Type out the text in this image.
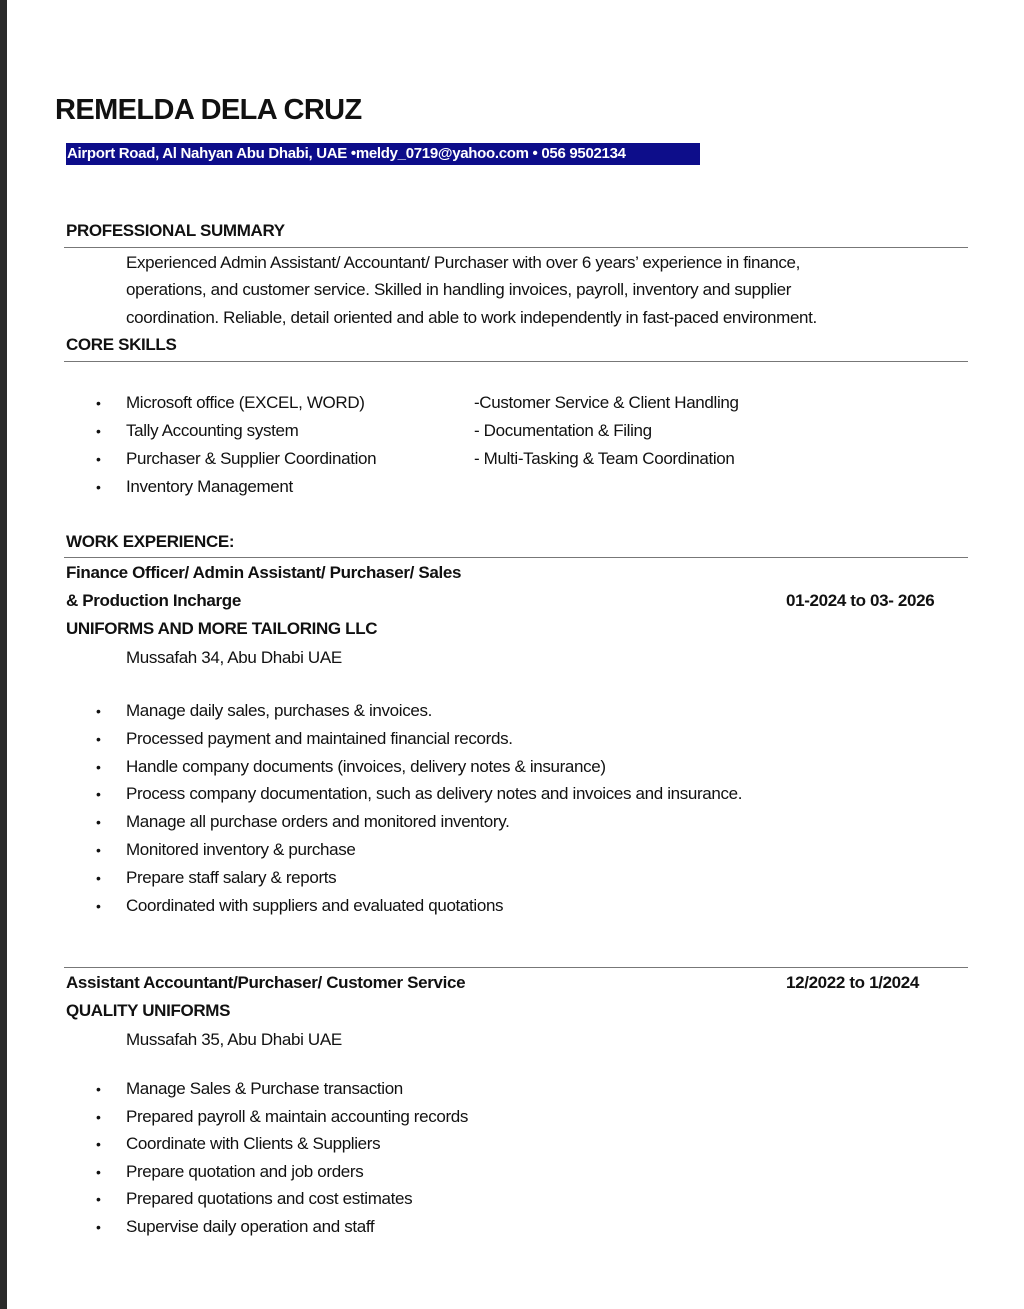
REMELDA DELA CRUZ
Airport Road, Al Nahyan Abu Dhabi, UAE •meldy_0719@yahoo.com • 056 9502134
PROFESSIONAL SUMMARY
Experienced Admin Assistant/ Accountant/ Purchaser with over 6 years’ experience in finance,
operations, and customer service. Skilled in handling invoices, payroll, inventory and supplier
coordination. Reliable, detail oriented and able to work independently in fast-paced environment.
CORE SKILLS
• Microsoft office (EXCEL, WORD)
• Tally Accounting system
• Purchaser & Supplier Coordination
• Inventory Management
-Customer Service & Client Handling
- Documentation & Filing
- Multi-Tasking & Team Coordination
WORK EXPERIENCE:
Finance Officer/ Admin Assistant/ Purchaser/ Sales
& Production Incharge	01-2024 to 03- 2026
UNIFORMS AND MORE TAILORING LLC
Mussafah 34, Abu Dhabi UAE
• Manage daily sales, purchases & invoices.
• Processed payment and maintained financial records.
• Handle company documents (invoices, delivery notes & insurance)
• Process company documentation, such as delivery notes and invoices and insurance.
• Manage all purchase orders and monitored inventory.
• Monitored inventory & purchase
• Prepare staff salary & reports
• Coordinated with suppliers and evaluated quotations
Assistant Accountant/Purchaser/ Customer Service	12/2022 to 1/2024
QUALITY UNIFORMS
Mussafah 35, Abu Dhabi UAE
• Manage Sales & Purchase transaction
• Prepared payroll & maintain accounting records
• Coordinate with Clients & Suppliers
• Prepare quotation and job orders
• Prepared quotations and cost estimates
• Supervise daily operation and staff
